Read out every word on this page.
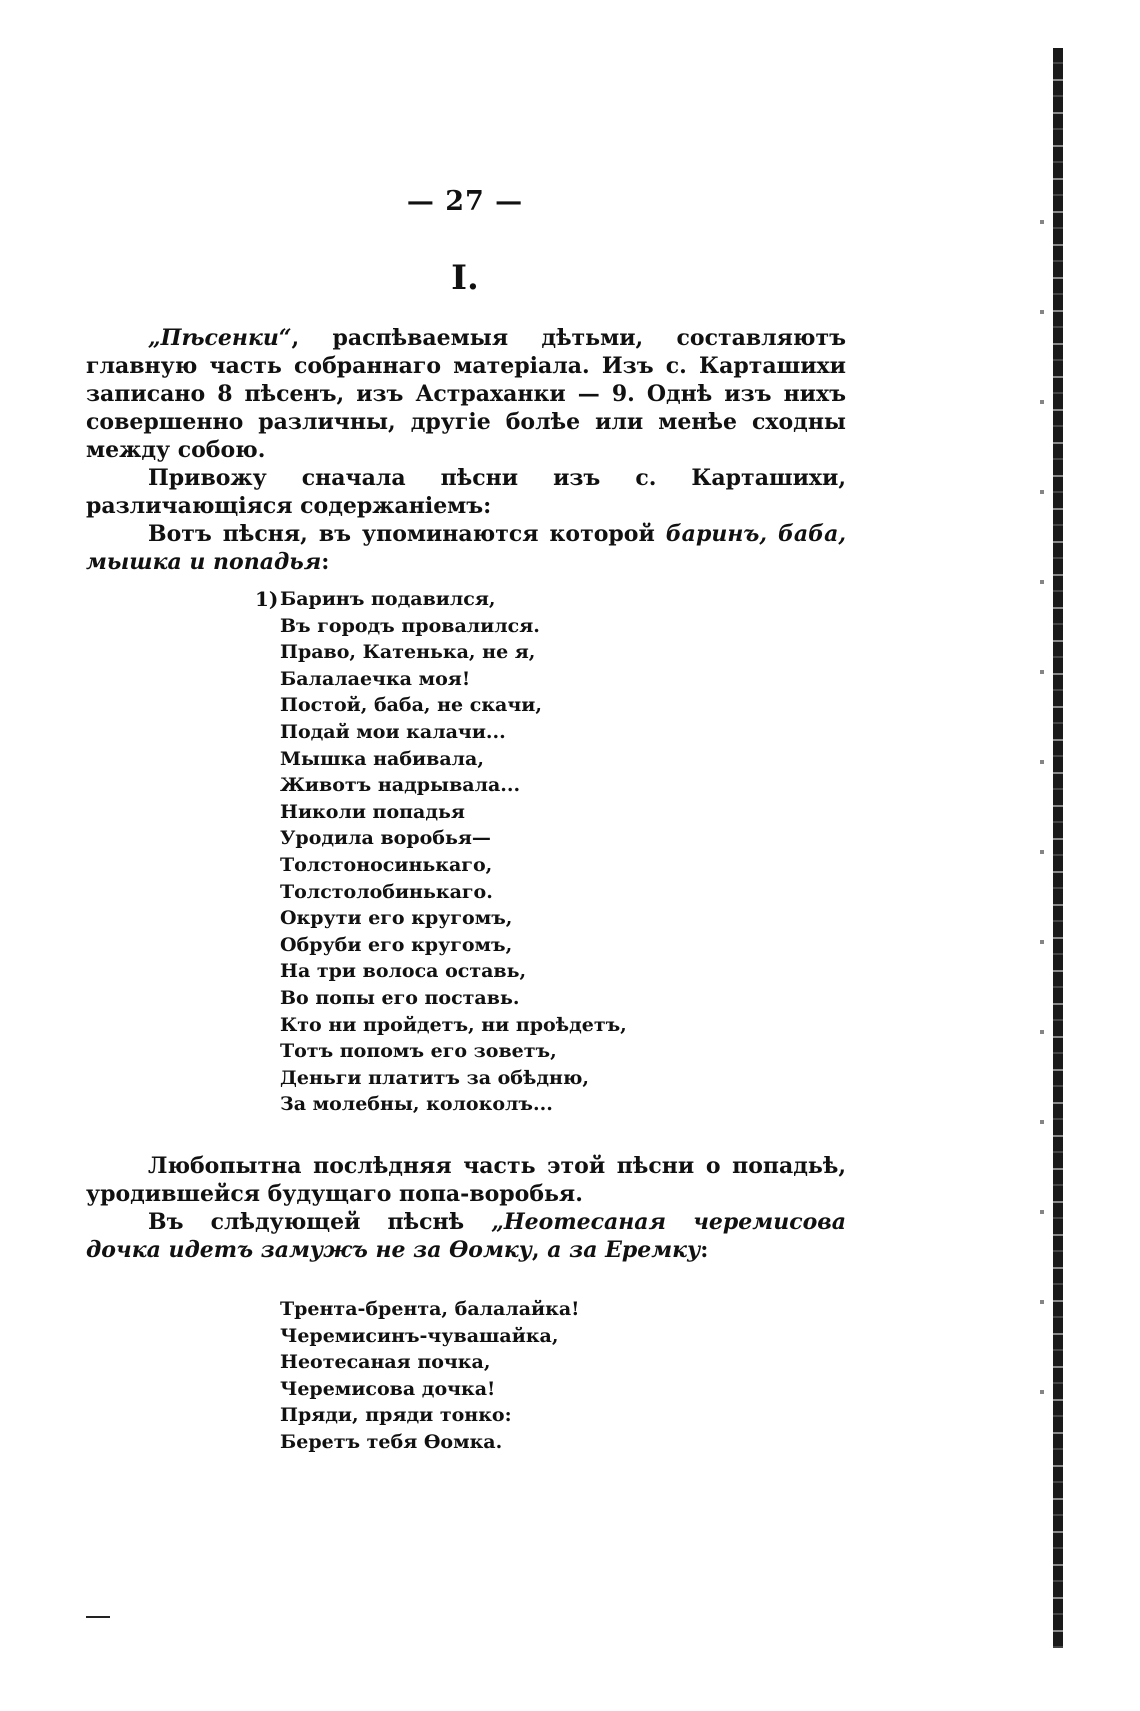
— 27 —
I.

„Пѣсенки“, распѣваемыя дѣтьми, составляютъ главную часть собраннаго матеріала. Изъ с. Карташихи записано 8 пѣсенъ, изъ Астраханки — 9. Однѣ изъ нихъ совершенно различны, другіе болѣе или менѣе сходны между собою.

Привожу сначала пѣсни изъ с. Карташихи, различающіяся содержаніемъ:

Вотъ пѣсня, въ упоминаются которой баринъ, баба, мышка и попадья:

1) Баринъ подавился,
Въ городъ провалился.
Право, Катенька, не я,
Балалаечка моя!
Постой, баба, не скачи,
Подай мои калачи...
Мышка набивала,
Животъ надрывала...
Николи попадья
Уродила воробья—
Толстоносинькаго,
Толстолобинькаго.
Окрути его кругомъ,
Обруби его кругомъ,
На три волоса оставь,
Во попы его поставь.
Кто ни пройдетъ, ни проѣдетъ,
Тотъ попомъ его зоветъ,
Деньги платитъ за обѣдню,
За молебны, колоколъ...

Любопытна послѣдняя часть этой пѣсни о попадьѣ, уродившейся будущаго попа-воробья.

Въ слѣдующей пѣснѣ „Неотесаная черемисова дочка идетъ замужъ не за Ѳомку, а за Еремку:

Трента-брента, балалайка!
Черемисинъ-чувашайка,
Неотесаная почка,
Черемисова дочка!
Пряди, пряди тонко:
Беретъ тебя Ѳомка.
